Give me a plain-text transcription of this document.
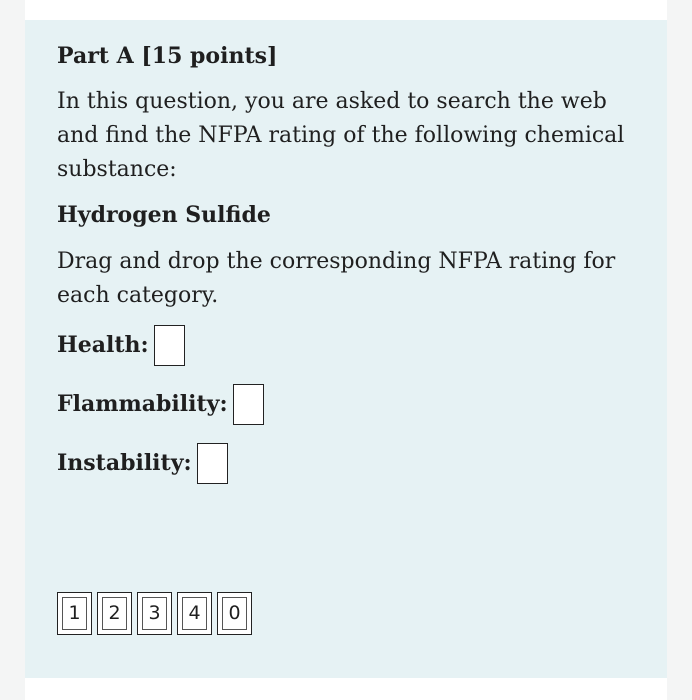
Part A [15 points]

In this question, you are asked to search the web and find the NFPA rating of the following chemical substance:

Hydrogen Sulfide

Drag and drop the corresponding NFPA rating for each category.

Health:
Flammability:
Instability:
1	2	3	4	0
